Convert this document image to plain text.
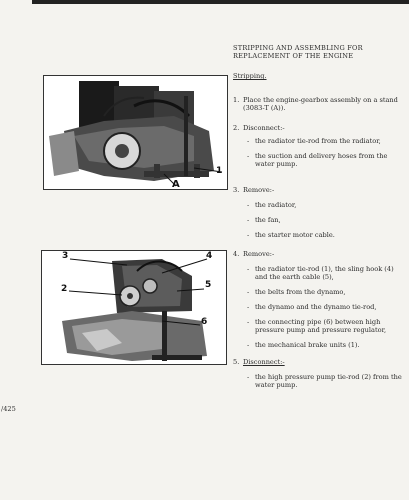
1
A
3	4
2	5
6
STRIPPING AND ASSEMBLING FOR REPLACEMENT OF THE ENGINE
Stripping.
1. Place the engine-gearbox assembly on a stand (3083-T (A)).
2. Disconnect:-
- the radiator tie-rod from the radiator,
- the suction and delivery hoses from the water pump.
3. Remove:-
- the radiator,
- the fan,
- the starter motor cable.
4. Remove:-
- the radiator tie-rod (1), the sling hook (4) and the earth cable (5),
- the belts from the dynamo,
- the dynamo and the dynamo tie-rod,
- the connecting pipe (6) between high pressure pump and pressure regulator,
- the mechanical brake units (1).
5. Disconnect:-
- the high pressure pump tie-rod (2) from the water pump.
/425
